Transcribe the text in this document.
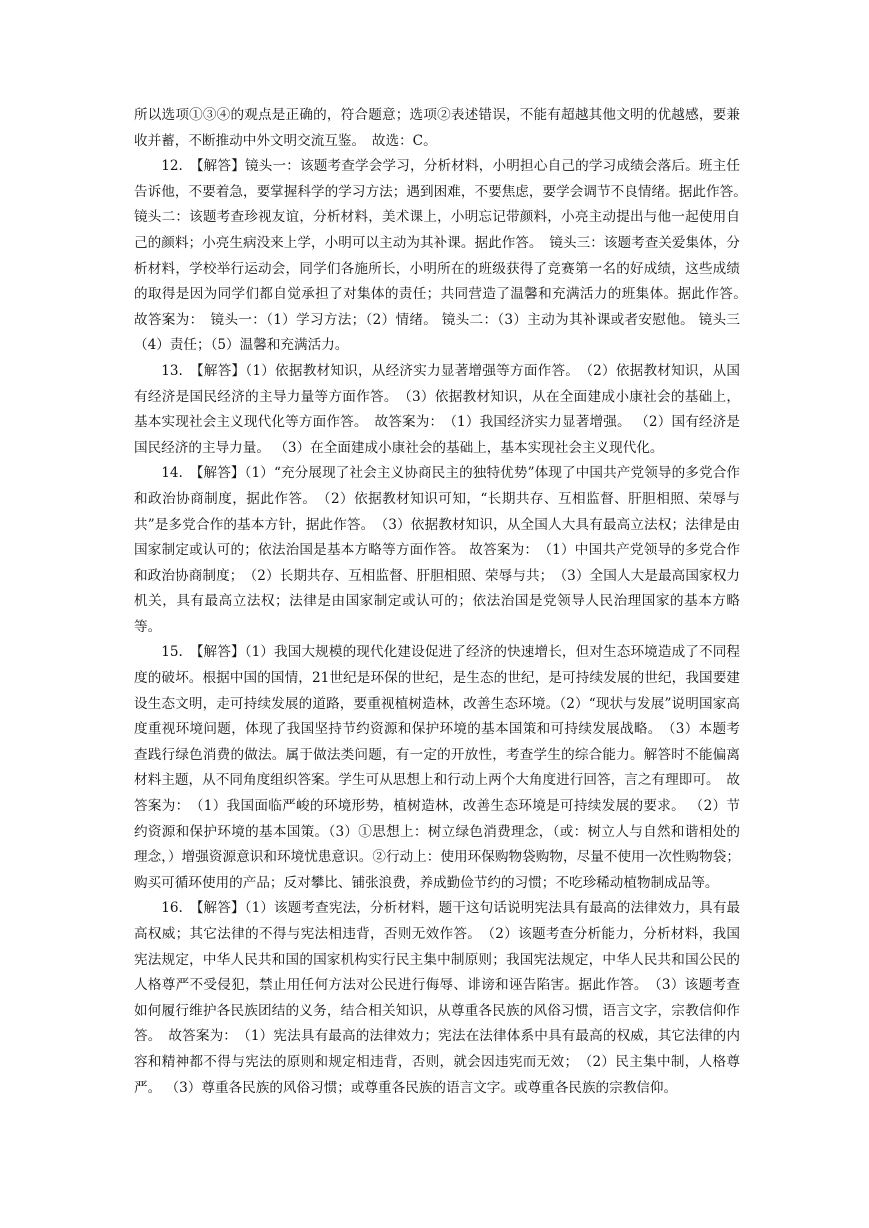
所以选项①③④的观点是正确的，符合题意；选项②表述错误，不能有超越其他文明的优越感，要兼收并蓄，不断推动中外文明交流互鉴。　故选：C。

12.　【解答】镜头一：该题考查学会学习，分析材料，小明担心自己的学习成绩会落后。班主任告诉他，不要着急，要掌握科学的学习方法；遇到困难，不要焦虑，要学会调节不良情绪。据此作答。　镜头二：该题考查珍视友谊，分析材料，美术课上，小明忘记带颜料，小亮主动提出与他一起使用自己的颜料；小亮生病没来上学，小明可以主动为其补课。据此作答。　镜头三：该题考查关爱集体，分析材料，学校举行运动会，同学们各施所长，小明所在的班级获得了竞赛第一名的好成绩，这些成绩的取得是因为同学们都自觉承担了对集体的责任；共同营造了温馨和充满活力的班集体。据此作答。　故答案为：　镜头一：（1）学习方法；（2）情绪。 镜头二：（3）主动为其补课或者安慰他。 镜头三（4）责任；（5）温馨和充满活力。

13.　【解答】（1）依据教材知识，从经济实力显著增强等方面作答。　（2）依据教材知识，从国有经济是国民经济的主导力量等方面作答。　（3）依据教材知识，从在全面建成小康社会的基础上，基本实现社会主义现代化等方面作答。　故答案为：　（1）我国经济实力显著增强。 （2）国有经济是国民经济的主导力量。 （3）在全面建成小康社会的基础上，基本实现社会主义现代化。

14.　【解答】（1）“充分展现了社会主义协商民主的独特优势”体现了中国共产党领导的多党合作和政治协商制度，据此作答。　（2）依据教材知识可知，“长期共存、互相监督、肝胆相照、荣辱与共”是多党合作的基本方针，据此作答。　（3）依据教材知识，从全国人大具有最高立法权；法律是由国家制定或认可的；依法治国是基本方略等方面作答。 故答案为：　（1）中国共产党领导的多党合作和政治协商制度；　（2）长期共存、互相监督、肝胆相照、荣辱与共；　（3）全国人大是最高国家权力机关，具有最高立法权；法律是由国家制定或认可的；依法治国是党领导人民治理国家的基本方略等。

15.　【解答】（1）我国大规模的现代化建设促进了经济的快速增长，但对生态环境造成了不同程度的破坏。根据中国的国情，21世纪是环保的世纪，是生态的世纪，是可持续发展的世纪，我国要建设生态文明，走可持续发展的道路，要重视植树造林，改善生态环境。（2）“现状与发展”说明国家高度重视环境问题，体现了我国坚持节约资源和保护环境的基本国策和可持续发展战略。　（3）本题考查践行绿色消费的做法。属于做法类问题，有一定的开放性，考查学生的综合能力。解答时不能偏离材料主题，从不同角度组织答案。学生可从思想上和行动上两个大角度进行回答，言之有理即可。　故答案为：　（1）我国面临严峻的环境形势，植树造林，改善生态环境是可持续发展的要求。 （2）节约资源和保护环境的基本国策。（3）①思想上：树立绿色消费理念，（或：树立人与自然和谐相处的理念，）增强资源意识和环境忧患意识。②行动上：使用环保购物袋购物，尽量不使用一次性购物袋；购买可循环使用的产品；反对攀比、铺张浪费，养成勤俭节约的习惯；不吃珍稀动植物制成品等。

16.　【解答】（1）该题考查宪法，分析材料，题干这句话说明宪法具有最高的法律效力，具有最高权威；其它法律的不得与宪法相违背，否则无效作答。　（2）该题考查分析能力，分析材料，我国宪法规定，中华人民共和国的国家机构实行民主集中制原则；我国宪法规定，中华人民共和国公民的人格尊严不受侵犯，禁止用任何方法对公民进行侮辱、诽谤和诬告陷害。据此作答。　（3）该题考查如何履行维护各民族团结的义务，结合相关知识，从尊重各民族的风俗习惯，语言文字，宗教信仰作答。　故答案为：　（1）宪法具有最高的法律效力；宪法在法律体系中具有最高的权威，其它法律的内容和精神都不得与宪法的原则和规定相违背，否则，就会因违宪而无效；　（2）民主集中制，人格尊严。 （3）尊重各民族的风俗习惯；或尊重各民族的语言文字。或尊重各民族的宗教信仰。
